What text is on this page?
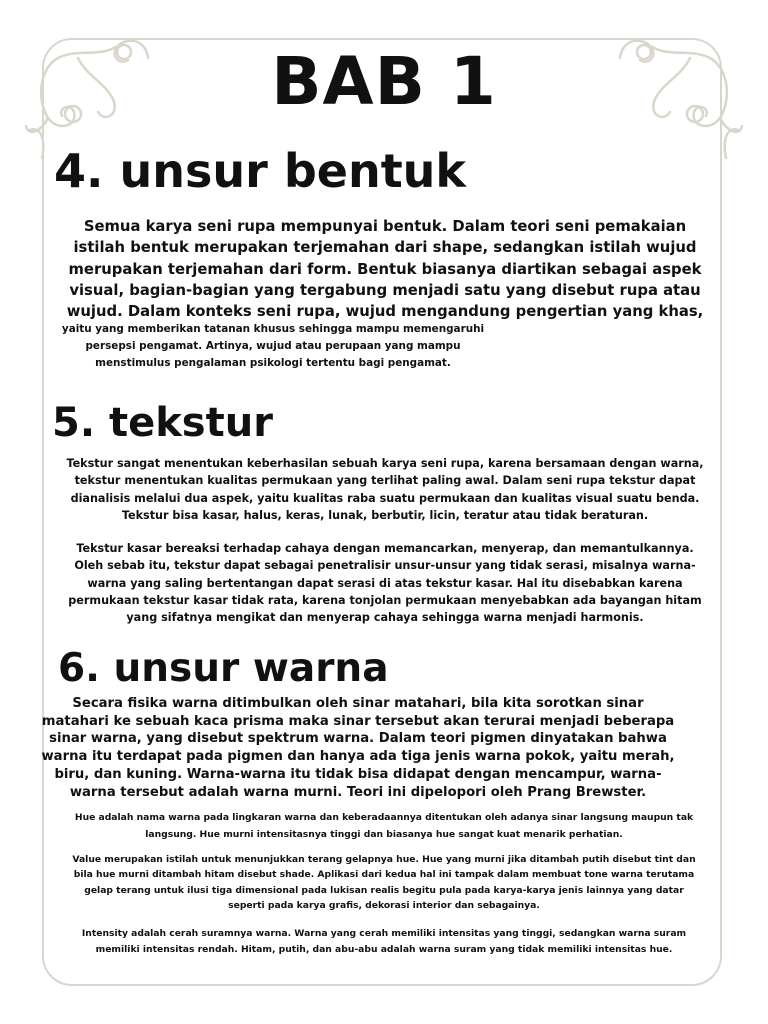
BAB 1
4. unsur bentuk

Semua karya seni rupa mempunyai bentuk. Dalam teori seni pemakaian
istilah bentuk merupakan terjemahan dari shape, sedangkan istilah wujud
merupakan terjemahan dari form. Bentuk biasanya diartikan sebagai aspek
visual, bagian-bagian yang tergabung menjadi satu yang disebut rupa atau
wujud. Dalam konteks seni rupa, wujud mengandung pengertian yang khas,

yaitu yang memberikan tatanan khusus sehingga mampu memengaruhi
persepsi pengamat. Artinya, wujud atau perupaan yang mampu
menstimulus pengalaman psikologi tertentu bagi pengamat.

5. tekstur

Tekstur sangat menentukan keberhasilan sebuah karya seni rupa, karena bersamaan dengan warna,
tekstur menentukan kualitas permukaan yang terlihat paling awal. Dalam seni rupa tekstur dapat
dianalisis melalui dua aspek, yaitu kualitas raba suatu permukaan dan kualitas visual suatu benda.
Tekstur bisa kasar, halus, keras, lunak, berbutir, licin, teratur atau tidak beraturan.

Tekstur kasar bereaksi terhadap cahaya dengan memancarkan, menyerap, dan memantulkannya.
Oleh sebab itu, tekstur dapat sebagai penetralisir unsur-unsur yang tidak serasi, misalnya warna-
warna yang saling bertentangan dapat serasi di atas tekstur kasar. Hal itu disebabkan karena
permukaan tekstur kasar tidak rata, karena tonjolan permukaan menyebabkan ada bayangan hitam
yang sifatnya mengikat dan menyerap cahaya sehingga warna menjadi harmonis.

6. unsur warna

Secara fisika warna ditimbulkan oleh sinar matahari, bila kita sorotkan sinar
matahari ke sebuah kaca prisma maka sinar tersebut akan terurai menjadi beberapa
sinar warna, yang disebut spektrum warna. Dalam teori pigmen dinyatakan bahwa
warna itu terdapat pada pigmen dan hanya ada tiga jenis warna pokok, yaitu merah,
biru, dan kuning. Warna-warna itu tidak bisa didapat dengan mencampur, warna-
warna tersebut adalah warna murni. Teori ini dipelopori oleh Prang Brewster.

Hue adalah nama warna pada lingkaran warna dan keberadaannya ditentukan oleh adanya sinar langsung maupun tak
langsung. Hue murni intensitasnya tinggi dan biasanya hue sangat kuat menarik perhatian.

Value merupakan istilah untuk menunjukkan terang gelapnya hue. Hue yang murni jika ditambah putih disebut tint dan
bila hue murni ditambah hitam disebut shade. Aplikasi dari kedua hal ini tampak dalam membuat tone warna terutama
gelap terang untuk ilusi tiga dimensional pada lukisan realis begitu pula pada karya-karya jenis lainnya yang datar
seperti pada karya grafis, dekorasi interior dan sebagainya.

Intensity adalah cerah suramnya warna. Warna yang cerah memiliki intensitas yang tinggi, sedangkan warna suram
memiliki intensitas rendah. Hitam, putih, dan abu-abu adalah warna suram yang tidak memiliki intensitas hue.
